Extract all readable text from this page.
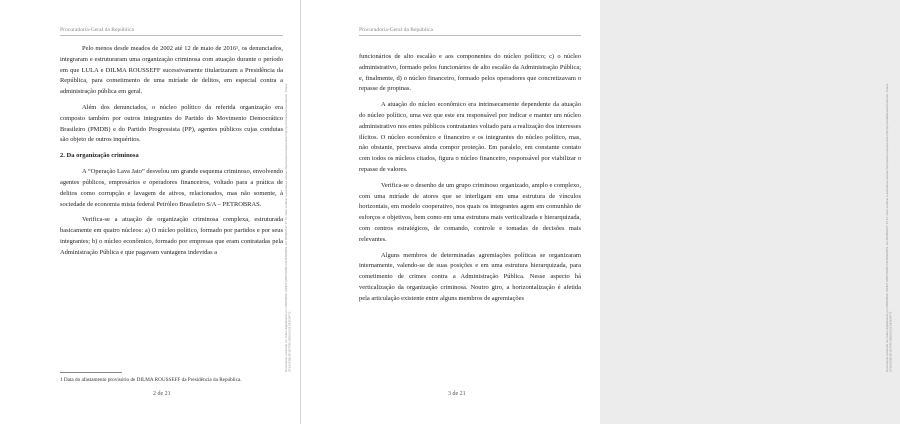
Procuradoria-Geral da República

Pelo menos desde meados de 2002 até 12 de maio de 2016¹, os denunciados, integraram e estruturaram uma organização criminosa com atuação durante o período em que LULA e DILMA ROUSSEFF sucessivamente titularizaram a Presidência da República, para cometimento de uma miríade de delitos, em especial contra a administração pública em geral.

Além dos denunciados, o núcleo político da referida organização era composto também por outros integrantes do Partido do Movimento Democrático Brasileiro (PMDB) e do Partido Progressista (PP), agentes públicos cujas condutas são objeto de outros inquéritos.

2. Da organização criminosa

A “Operação Lava Jato” desvelou um grande esquema criminoso, envolvendo agentes públicos, empresários e operadores financeiros, voltado para a prática de delitos como corrupção e lavagem de ativos, relacionados, mas não somente, à sociedade de economia mista federal Petróleo Brasileiro S/A – PETROBRAS.

Verifica-se a atuação de organização criminosa complexa, estruturada basicamente em quatro núcleos: a) O núcleo político, formado por partidos e por seus integrantes; b) o núcleo econômico, formado por empresas que eram contratadas pela Administração Pública e que pagavam vantagens indevidas a

1 Data do afastamento provisório de DILMA ROUSSEFF da Presidência da República.
2 de 21
Documento assinado via Token digitalmente por RODRIGO JANOT MONTEIRO DE BARROS, em 05/09/2017 17:11. Para verificar a assinatura acesse http://www.transparencia.mpf.mp.br/validacaodocumento. Chave 2F3A6C8B.4D1E7F90.3B5A2C18.9E6D4F72
Procuradoria-Geral da República

funcionários de alto escalão e aos componentes do núcleo político; c) o núcleo administrativo, formado pelos funcionários de alto escalão da Administração Pública; e, finalmente, d) o núcleo financeiro, formado pelos operadores que concretizavam o repasse de propinas.

A atuação do núcleo econômico era intrinsecamente dependente da atuação do núcleo político, uma vez que este era responsável por indicar e manter um núcleo administrativo nos entes públicos contratantes voltado para a realização dos interesses ilícitos. O núcleo econômico e financeiro e os integrantes do núcleo político, mas, não obstante, precisava ainda compor proteção. Em paralelo, em constante contato com todos os núcleos citados, figura o núcleo financeiro, responsável por viabilizar o repasse de valores.

Verifica-se o desenho de um grupo criminoso organizado, amplo e complexo, com uma miríade de atores que se interligam em uma estrutura de vínculos horizontais, em modelo cooperativo, nos quais os integrantes agem em comunhão de esforços e objetivos, bem como em uma estrutura mais verticalizada e hierarquizada, com centros estratégicos, de comando, controle e tomadas de decisões mais relevantes.

Alguns membros de determinadas agremiações políticas se organizaram internamente, valendo-se de suas posições e em uma estrutura hierarquizada, para cometimento de crimes contra a Administração Pública. Nesse aspecto há verticalização da organização criminosa. Noutro giro, a horizontalização é afetida pela articulação existente entre alguns membros de agremiações

3 de 21
Documento assinado via Token digitalmente por RODRIGO JANOT MONTEIRO DE BARROS, em 05/09/2017 17:11. Para verificar a assinatura acesse http://www.transparencia.mpf.mp.br/validacaodocumento. Chave 2F3A6C8B.4D1E7F90.3B5A2C18.9E6D4F72
